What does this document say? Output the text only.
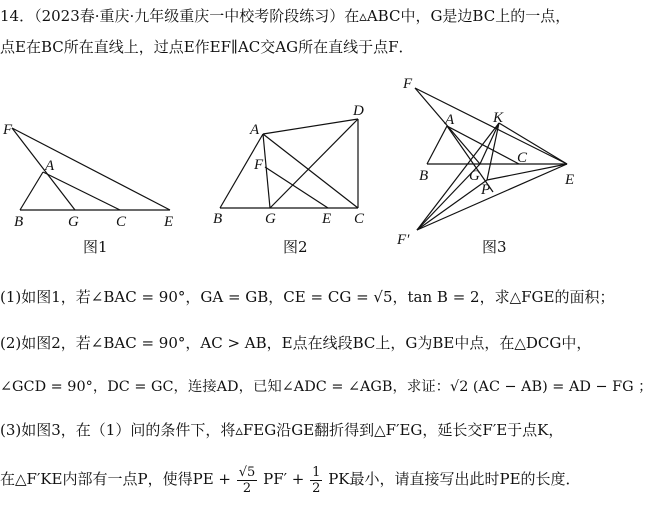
14．（2023春·重庆·九年级重庆一中校考阶段练习）在▵ABC中，G是边BC上的一点，
点E在BC所在直线上，过点E作EF∥AC交AG所在直线于点F．
F
A
B	G C	E
图1
A
D
F
B	G	E C
图2
F
A	K
B	G
C
P
E
F′	图3
(1)如图1，若∠BAC = 90°，GA = GB，CE = CG = √5，tan B = 2，求△FGE的面积；
(2)如图2，若∠BAC = 90°，AC > AB，E点在线段BC上，G为BE中点，在△DCG中，
∠GCD = 90°，DC = GC，连接AD，已知∠ADC = ∠AGB，求证：√2 (AC − AB) = AD − FG ；
(3)如图3，在（1）问的条件下，将▵FEG沿GE翻折得到△F′EG，延长交F′E于点K，
在△F′KE内部有一点P，使得PE + $\frac{√5}{2} PF' + \frac{1}{2}$ PK最小，请直接写出此时PE的长度．
